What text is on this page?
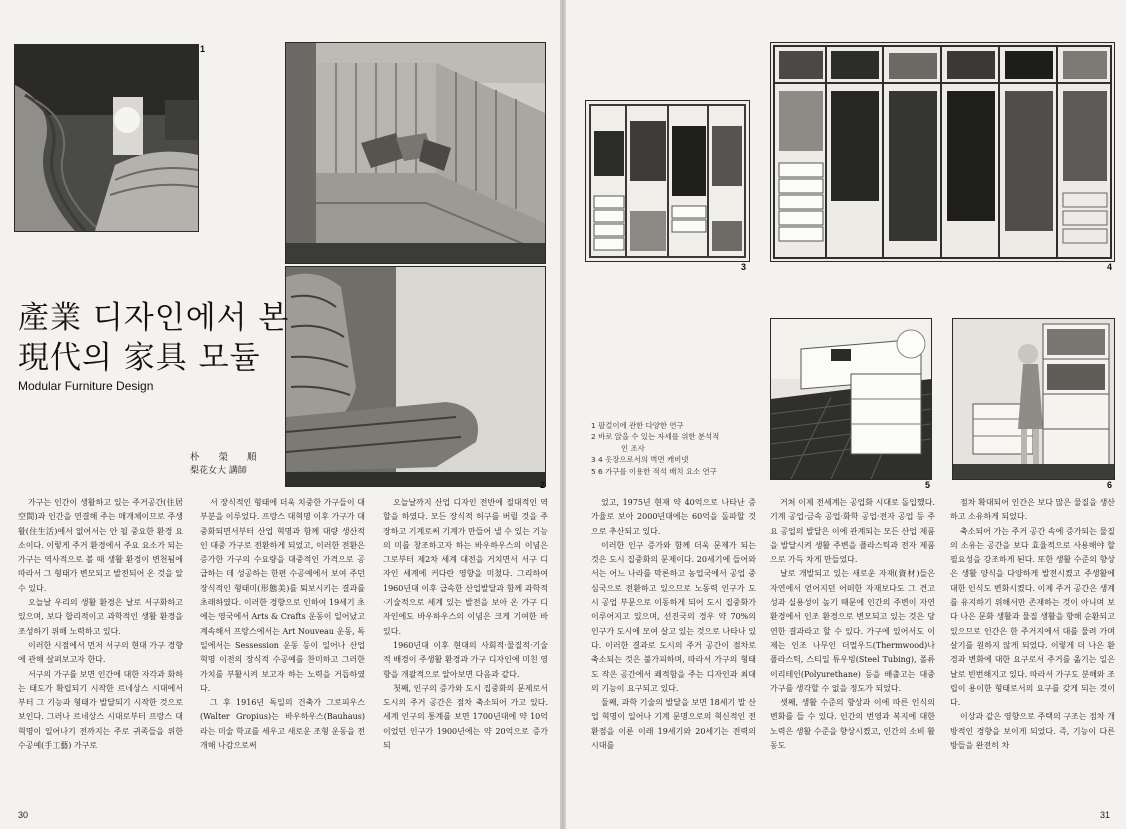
1
2
產業 디자인에서 본
現代의 家具 모듈
Modular Furniture Design
朴 榮 順
梨花女大 講師

가구는 인간이 생활하고 있는 주거공간(住居空間)과 인간을 연결해 주는 매개체이므로 주생활(住生活)에서 없어서는 안 될 중요한 환경 요소이다. 이렇게 주거 환경에서 주요 요소가 되는 가구는 역사적으로 볼 때 생활 환경이 변천됨에 따라서 그 형태가 변모되고 발전되어 온 것을 알 수 있다.

오늘날 우리의 생활 환경은 날로 서구화하고 있으며, 보다 합리적이고 과학적인 생활 환경을 조성하기 위해 노력하고 있다.

이러한 시점에서 먼저 서구의 현대 가구 경향에 관해 살펴보고자 한다.

서구의 가구를 보면 인간에 대한 자각과 화하는 태도가 확립되기 시작한 르네상스 시대에서부터 그 기능과 형태가 발달되기 시작한 것으로 보인다. 그러나 르네상스 시대로부터 프랑스 대혁명이 일어나기 전까지는 주로 귀족들을 위한 수공예(手工藝) 가구로

서 장식적인 형태에 더욱 치중한 가구들이 대부분을 이루었다. 프랑스 대혁명 이후 가구가 대중화되면서부터 산업 혁명과 함께 대량 생산적인 대중 가구로 전환하게 되었고, 이러한 전환은 증가한 가구의 수요량을 대중적인 가격으로 공급하는 데 성공하는 한편 수공예에서 보여 주던 장식적인 형태미(形態美)를 퇴보시키는 결과를 초래하였다. 이러한 경향으로 인하여 19세기 초에는 영국에서 Arts & Crafts 운동이 일어났고 계속해서 프랑스에서는 Art Nouveau 운동, 독일에서는 Sessession 운동 등이 일어나 산업 혁명 이전의 장식적 수공예를 찬미하고 그러한 가치를 부활시켜 보고자 하는 노력을 거듭하였다.

그 후 1916년 독일의 건축가 그로피우스(Walter Gropius)는 바우하우스(Bauhaus)라는 미술 학교를 세우고 새로운 조형 운동을 전개해 나감으로써

오늘날까지 산업 디자인 전반에 절대적인 역할을 하였다. 모든 장식적 허구를 버릴 것을 주장하고 기계로써 기계가 만들어 낼 수 있는 기능의 미를 창조하고자 하는 바우하우스의 이념은 그로부터 제2차 세계 대전을 거치면서 서구 디자인 세계에 커다란 영향을 미쳤다. 그리하여 1960년대 이후 급속한 산업발달과 함께 과학적·기술적으로 세계 있는 발전을 보아 온 가구 디자인에도 바우하우스의 이념은 크게 기여한 바 있다.

1960년대 이후 현대의 사회적·물질적·기술적 배경이 주생활 환경과 가구 디자인에 미친 영향을 개괄적으로 알아보면 다음과 같다.

첫째, 인구의 증가와 도시 집중화의 문제로서 도시의 주거 공간은 점차 축소되어 가고 있다. 세계 인구의 통계를 보면 1700년대에 약 10억이었던 인구가 1900년에는 약 20억으로 증가되

30
3	4
5	6
1 팔걸이에 관한 다양한 연구
2 바로 앉을 수 있는 자세를 위한 분석적
인 조사
3 4 옷장으로서의 벽면 캐비넷
5 6 가구를 이용한 적석 배치 요소 연구

었고, 1975년 현재 약 40억으로 나타난 증가율로 보아 2000년대에는 60억을 돌파할 것으로 추산되고 있다.

이러한 인구 증가와 함께 더욱 문제가 되는 것은 도시 집중화의 문제이다. 20세기에 들어와서는 어느 나라를 막론하고 농업국에서 공업 중심국으로 전환하고 있으므로 노동력 인구가 도시 공업 부문으로 이동하게 되어 도시 집중화가 이루어지고 있으며, 선진국의 경우 약 70%의 인구가 도시에 모여 살고 있는 것으로 나타나 있다. 이러한 결과로 도시의 주거 공간이 점차로 축소되는 것은 불가피하며, 따라서 가구의 형태도 작은 공간에서 쾌적함을 주는 디자인과 최대의 기능이 요구되고 있다.

둘째, 과학 기술의 발달을 보면 18세기 말 산업 혁명이 일어나 기계 문명으로의 혁신적인 전환점을 이룬 이래 19세기와 20세기는 전력의 시대를

거쳐 이제 전세계는 공업화 시대로 돌입했다. 기계 공업·금속 공업·화학 공업·전자 공업 등 주요 공업의 발달은 이에 관계되는 모든 산업 제품을 발달시켜 생활 주변을 플라스틱과 전자 제품으로 가득 차게 만들었다.

날로 개발되고 있는 새로운 자재(資材)들은 자연에서 얻어지던 어떠한 자재보다도 그 견고성과 실용성이 높기 때문에 인간의 주변이 자연 환경에서 인조 환경으로 변모되고 있는 것은 당연한 결과라고 할 수 있다. 가구에 있어서도 이제는 인조 나무인 더멀우드(Thermwood)나 플라스틱, 스티일 튜우빙(Steel Tubing), 폴류이리테인(Polyurethane) 등을 배출고는 대중 가구를 생각할 수 없을 정도가 되었다.

셋째, 생활 수준의 향상과 이에 따른 인식의 변화를 들 수 있다. 인간의 번영과 복지에 대한 노력은 생활 수준을 향상시켰고, 인간의 소비 활동도

점차 확대되어 인간은 보다 많은 물질을 생산하고 소유하게 되었다.

축소되어 가는 주거 공간 속에 증가되는 물질의 소유는 공간을 보다 효율적으로 사용해야 할 필요성을 강조하게 된다. 또한 생활 수준의 향상은 생활 양식을 다양하게 발전시켰고 주생활에 대한 인식도 변화시켰다. 이제 주거 공간은 생계를 유지하기 위해서만 존재하는 것이 아니며 보다 나은 문화 생활과 물질 생활을 향해 순환되고 있으므로 인간은 한 주거지에서 대를 물려 가며 살기를 원하지 않게 되었다. 이렇게 더 나은 환경과 변화에 대한 요구로서 주거를 옮기는 일은 날로 빈번해지고 있다. 따라서 가구도 분해와 조립이 용이한 형태로서의 요구를 갖게 되는 것이다.

이상과 같은 영향으로 주택의 구조는 점차 개방적인 경향을 보이게 되었다. 즉, 기능이 다른 방들을 완전히 차

31
